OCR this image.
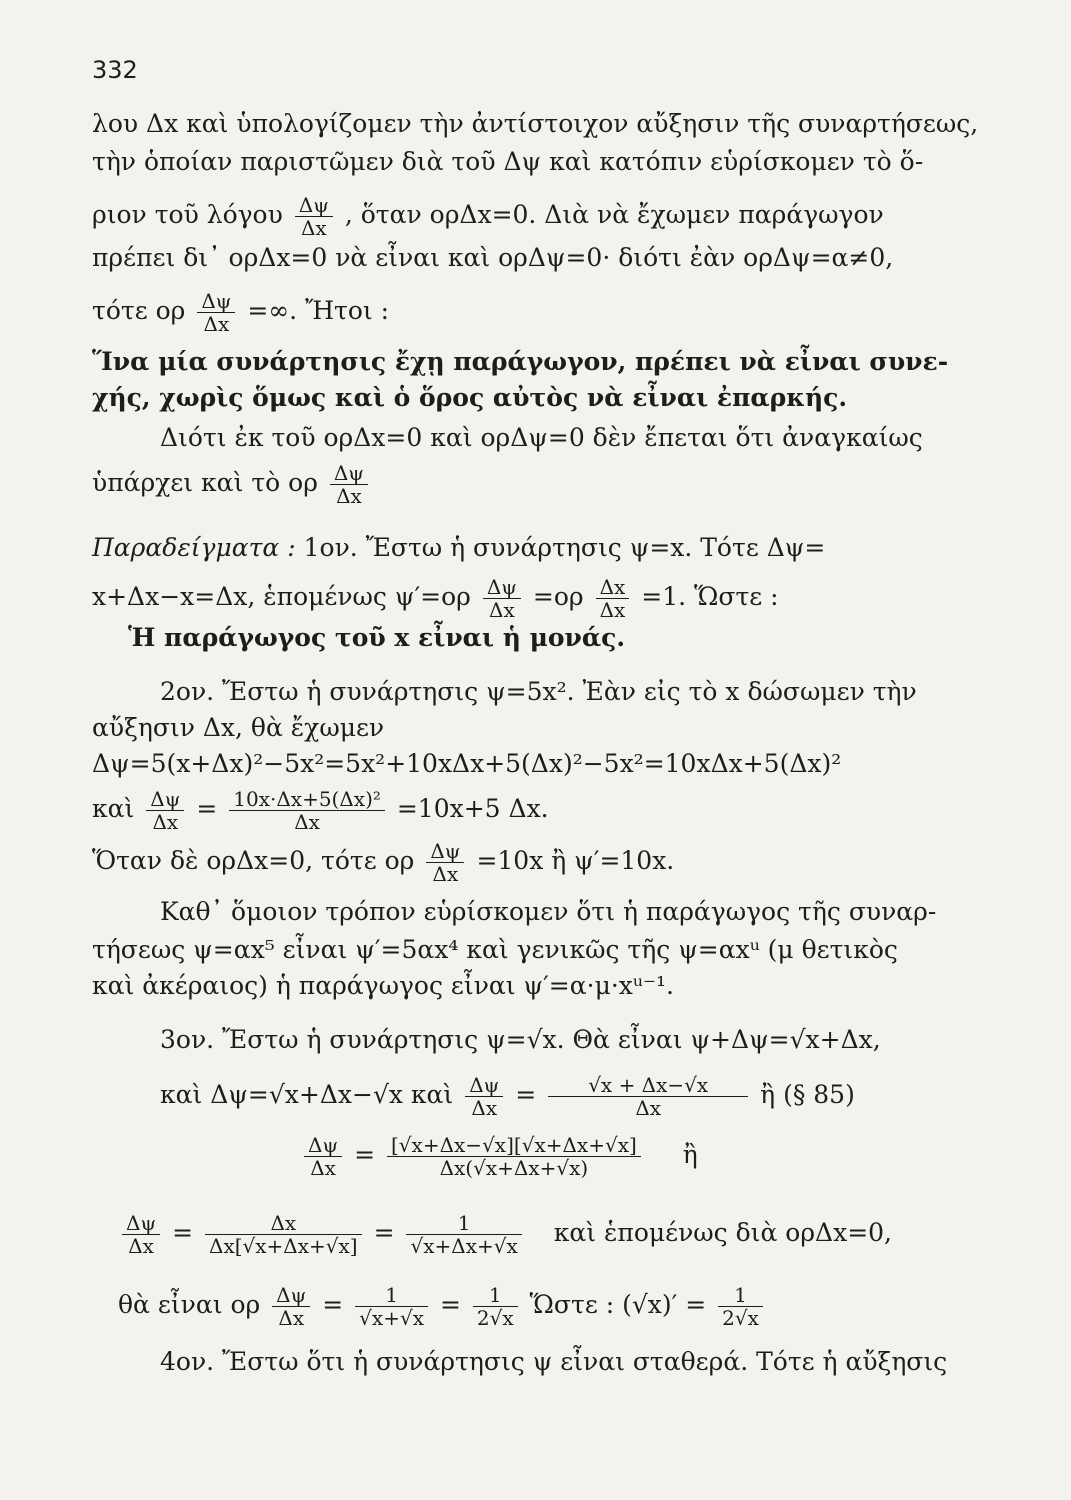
332
λου Δx καὶ ὑπολογίζομεν τὴν ἀντίστοιχον αὔξησιν τῆς συναρτήσεως,
τὴν ὁποίαν παριστῶμεν διὰ τοῦ Δψ καὶ κατόπιν εὑρίσκομεν τὸ ὅ-
ριον τοῦ λόγου $\frac{\Delta\psi}{\Delta x}$ , ὅταν ορΔx=0. Διὰ νὰ ἔχωμεν παράγωγον
πρέπει δι᾽ ορΔx=0 νὰ εἶναι καὶ ορΔψ=0· διότι ἐὰν ορΔψ=α≠0,
τότε ορ $\frac{\Delta\psi}{\Delta x}$ =∞. Ἤτοι :
Ἵνα μία συνάρτησις ἔχῃ παράγωγον, πρέπει νὰ εἶναι συνε-
χής, χωρὶς ὅμως καὶ ὁ ὅρος αὐτὸς νὰ εἶναι ἐπαρκής.
Διότι ἐκ τοῦ ορΔx=0 καὶ ορΔψ=0 δὲν ἔπεται ὅτι ἀναγκαίως
ὑπάρχει καὶ τὸ ορ $\frac{\Delta\psi}{\Delta x}$
Παραδείγματα : 1ον. Ἔστω ἡ συνάρτησις ψ=x. Τότε Δψ=
x+Δx−x=Δx, ἑπομένως $\psi'=o\rho \frac{\Delta\psi}{\Delta x} =o\rho \frac{\Delta x}{\Delta x} =1$. Ὥστε :
Ἡ παράγωγος τοῦ x εἶναι ἡ μονάς.
2ον. Ἔστω ἡ συνάρτησις ψ=5x². Ἐὰν εἰς τὸ x δώσωμεν τὴν
αὔξησιν Δx, θὰ ἔχωμεν
Δψ=5(x+Δx)²−5x²=5x²+10xΔx+5(Δx)²−5x²=10xΔx+5(Δx)²
καὶ $\frac{\Delta\psi}{\Delta x} = \frac{\text{10x·Δx+5(Δx)²}}{\Delta x} =10x+5$ Δx.
Ὅταν δὲ ορΔx=0, τότε ορ $\frac{\Delta\psi}{\Delta x} =10x$ ἢ ψ′=10x.
Καθ᾽ ὅμοιον τρόπον εὑρίσκομεν ὅτι ἡ παράγωγος τῆς συναρ-
τήσεως ψ=αx⁵ εἶναι ψ′=5αx⁴ καὶ γενικῶς τῆς ψ=αxᵘ (μ θετικὸς
καὶ ἀκέραιος) ἡ παράγωγος εἶναι ψ′=α·μ·xᵘ⁻¹.
3ον. Ἔστω ἡ συνάρτησις ψ=√x. Θὰ εἶναι ψ+Δψ=√x+Δx,
καὶ Δψ=√x+Δx−√x καὶ $\frac{\Delta\psi}{\Delta x} = \frac{√x + \Delta x-√x}{\Delta x}$ ἢ (§ 85)
$\frac{\Delta\psi}{\Delta x} = \frac{[√x+\Delta x-√x][√x+\Delta x+√x]}{\Delta x(√x+\Delta x+√x)}$ ἢ
$\frac{\Delta\psi}{\Delta x} = \frac{\Delta x}{\Delta x[√x+\Delta x+√x]} = \frac{1}{√x+\Delta x+√x}$ καὶ ἑπομένως διὰ ορΔx=0,
θὰ εἶναι ορ $\frac{\Delta\psi}{\Delta x} = \frac{1}{√x+√x} = \frac{1}{2√x}$ Ὥστε : $(√x)' = \frac{1}{2√x}$
4ον. Ἔστω ὅτι ἡ συνάρτησις ψ εἶναι σταθερά. Τότε ἡ αὔξησις
